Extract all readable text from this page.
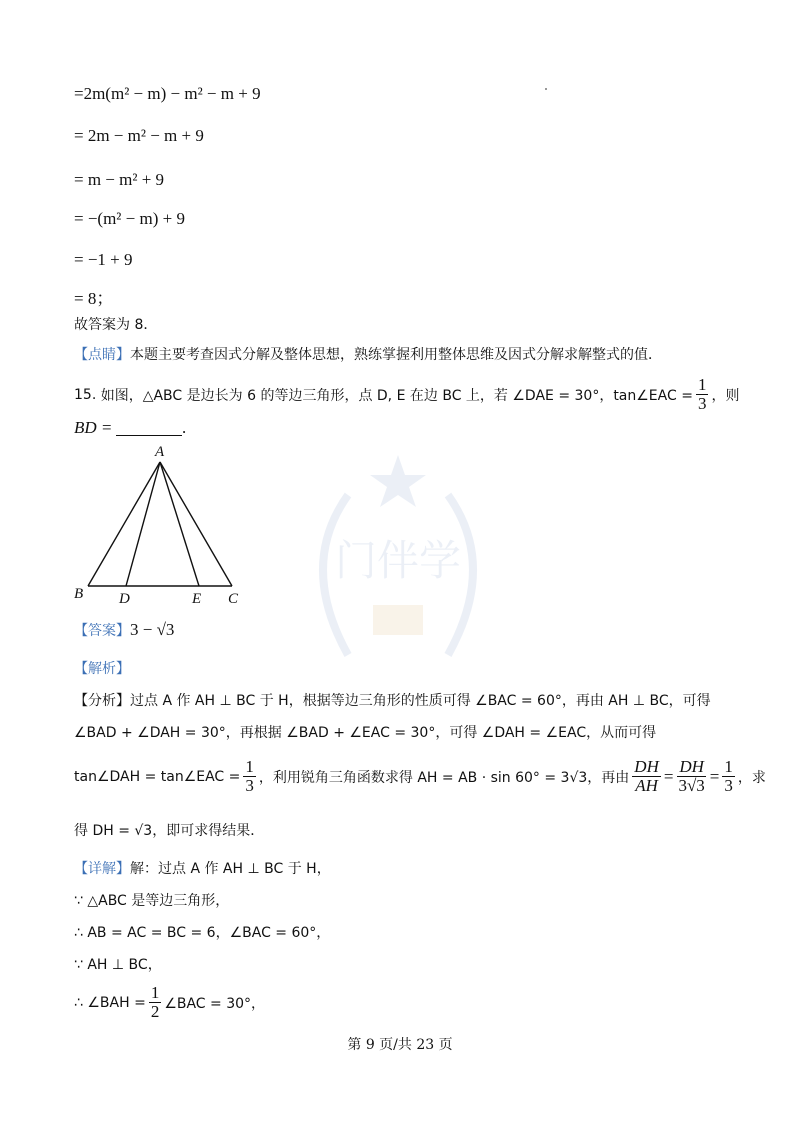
门伴学
=2m(m² − m) − m² − m + 9
= 2m − m² − m + 9
= m − m² + 9
= −(m² − m) + 9
= −1 + 9
= 8；
故答案为 8．
【点睛】 本题主要考查因式分解及整体思想，熟练掌握利用整体思维及因式分解求解整式的值．
15.
如图，△ABC 是边长为 6 的等边三角形，点 D, E 在边 BC 上，若 ∠DAE = 30°，tan∠EAC = $\frac{1}{3}$ ，则
BD =	.
A
B D	E C
【答案】 3 − √3
【解析】
【分析】 过点 A 作 AH ⊥ BC 于 H，根据等边三角形的性质可得 ∠BAC = 60°，再由 AH ⊥ BC，可得
∠BAD + ∠DAH = 30°，再根据 ∠BAD + ∠EAC = 30°，可得 ∠DAH = ∠EAC，从而可得
tan∠DAH = tan∠EAC = $\frac{1}{3}$ ，利用锐角三角函数求得 AH = AB · sin 60° = 3√3，再由 $\frac{DH}{AH} = \frac{DH}{3√3} = \frac{1}{3}$ ，求
得 DH = √3，即可求得结果．
【详解】 解：过点 A 作 AH ⊥ BC 于 H，
∵ △ABC 是等边三角形，
∴ AB = AC = BC = 6，∠BAC = 60°，
∵ AH ⊥ BC，
∴ ∠BAH = $\frac{1}{2}$ ∠BAC = 30°，
第 9 页/共 23 页
